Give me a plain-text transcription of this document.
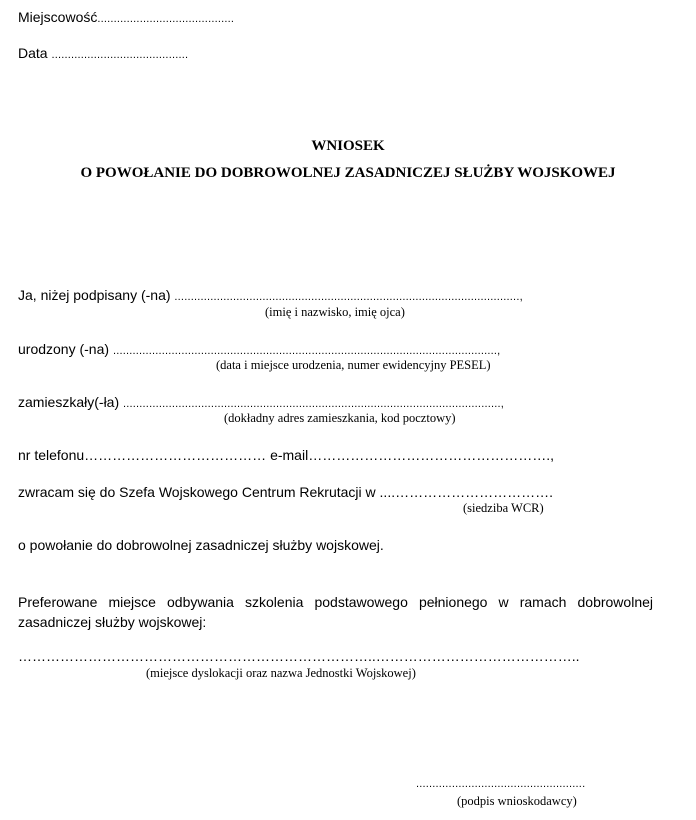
Miejscowość..........................................
Data ..........................................
WNIOSEK
O POWOŁANIE DO DOBROWOLNEJ ZASADNICZEJ SŁUŻBY WOJSKOWEJ
Ja, niżej podpisany (-na) ..........................................................................................................,
(imię i nazwisko, imię ojca)
urodzony (-na) ......................................................................................................................,
(data i miejsce urodzenia, numer ewidencyjny PESEL)
zamieszkały(-ła) ....................................................................................................................,
(dokładny adres zamieszkania, kod pocztowy)
nr telefonu………………………………… e-mail…………………………………………….,
zwracam się do Szefa Wojskowego Centrum Rekrutacji w ....…………………………….
(siedziba WCR)
o powołanie do dobrowolnej zasadniczej służby wojskowej.
Preferowane miejsce odbywania szkolenia podstawowego pełnionego w ramach dobrowolnej zasadniczej służby wojskowej:
…………………………………………………………………..……………………………………..
(miejsce dyslokacji oraz nazwa Jednostki Wojskowej)
....................................................
(podpis wnioskodawcy)
